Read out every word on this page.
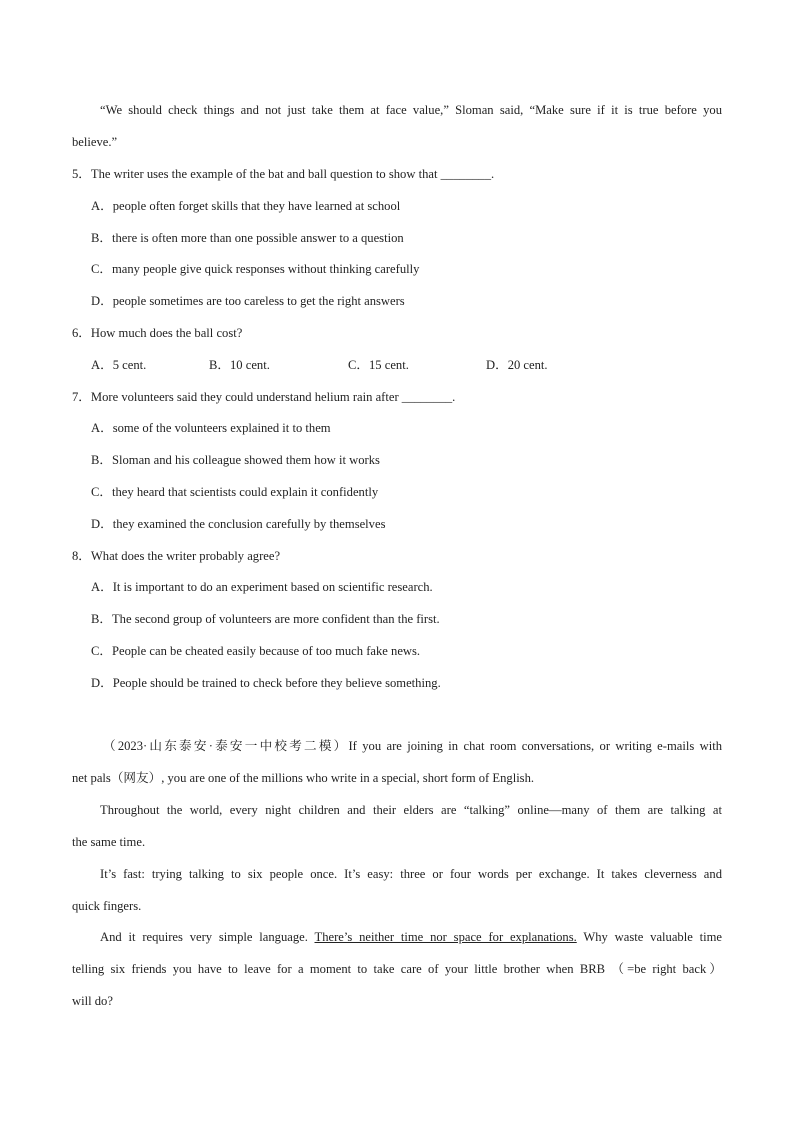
“We should check things and not just take them at face value,” Sloman said, “Make sure if it is true before you
believe.”
5．The writer uses the example of the bat and ball question to show that ________.
A．people often forget skills that they have learned at school
B．there is often more than one possible answer to a question
C．many people give quick responses without thinking carefully
D．people sometimes are too careless to get the right answers
6．How much does the ball cost?
A．5 cent.	B．10 cent.	C．15 cent.	D．20 cent.
7．More volunteers said they could understand helium rain after ________.
A．some of the volunteers explained it to them
B．Sloman and his colleague showed them how it works
C．they heard that scientists could explain it confidently
D．they examined the conclusion carefully by themselves
8．What does the writer probably agree?
A．It is important to do an experiment based on scientific research.
B．The second group of volunteers are more confident than the first.
C．People can be cheated easily because of too much fake news.
D．People should be trained to check before they believe something.
（2023·山东泰安·泰安一中校考二模）If you are joining in chat room conversations, or writing e-mails with
net pals（网友）, you are one of the millions who write in a special, short form of English.
Throughout the world, every night children and their elders are “talking” online—many of them are talking at
the same time.
It’s fast: trying talking to six people once. It’s easy: three or four words per exchange. It takes cleverness and
quick fingers.
And it requires very simple language. There’s neither time nor space for explanations. Why waste valuable time
telling six friends you have to leave for a moment to take care of your little brother when BRB （=be right back）
will do?
